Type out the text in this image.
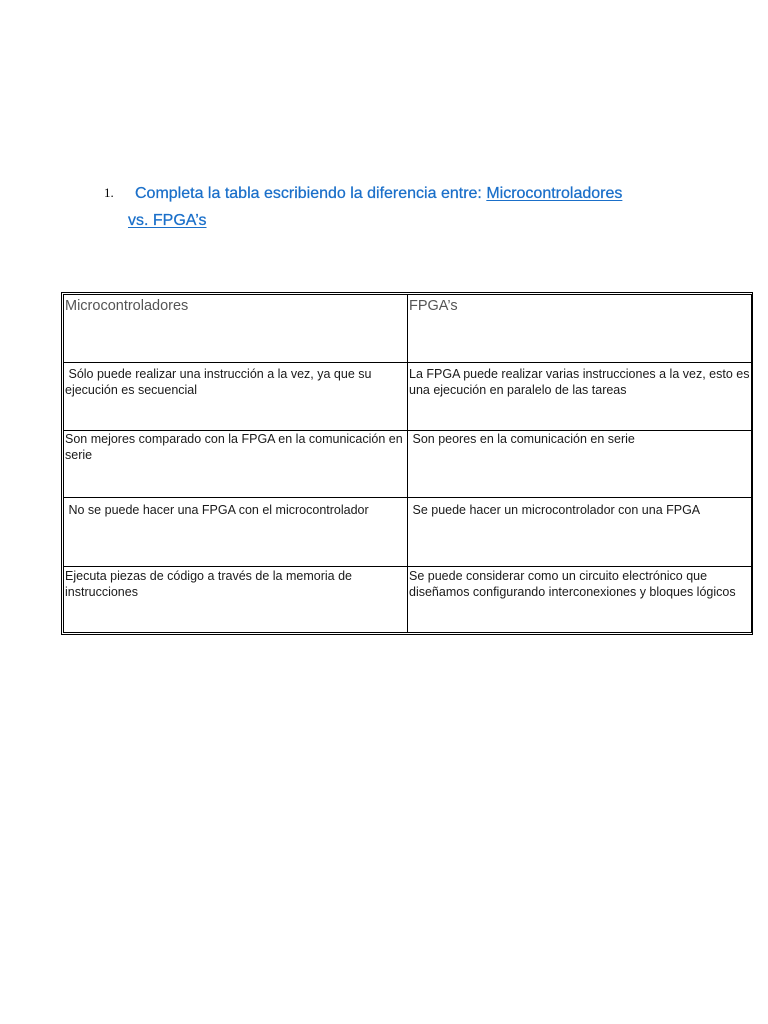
1. Completa la tabla escribiendo la diferencia entre: Microcontroladores
vs. FPGA’s
Microcontroladores	FPGA’s
Sólo puede realizar una instrucción a la vez, ya que su ejecución es secuencial	La FPGA puede realizar varias instrucciones a la vez, esto es una ejecución en paralelo de las tareas
Son mejores comparado con la FPGA en la comunicación en serie	Son peores en la comunicación en serie
No se puede hacer una FPGA con el microcontrolador	Se puede hacer un microcontrolador con una FPGA
Ejecuta piezas de código a través de la memoria de instrucciones	Se puede considerar como un circuito electrónico que diseñamos configurando interconexiones y bloques lógicos
